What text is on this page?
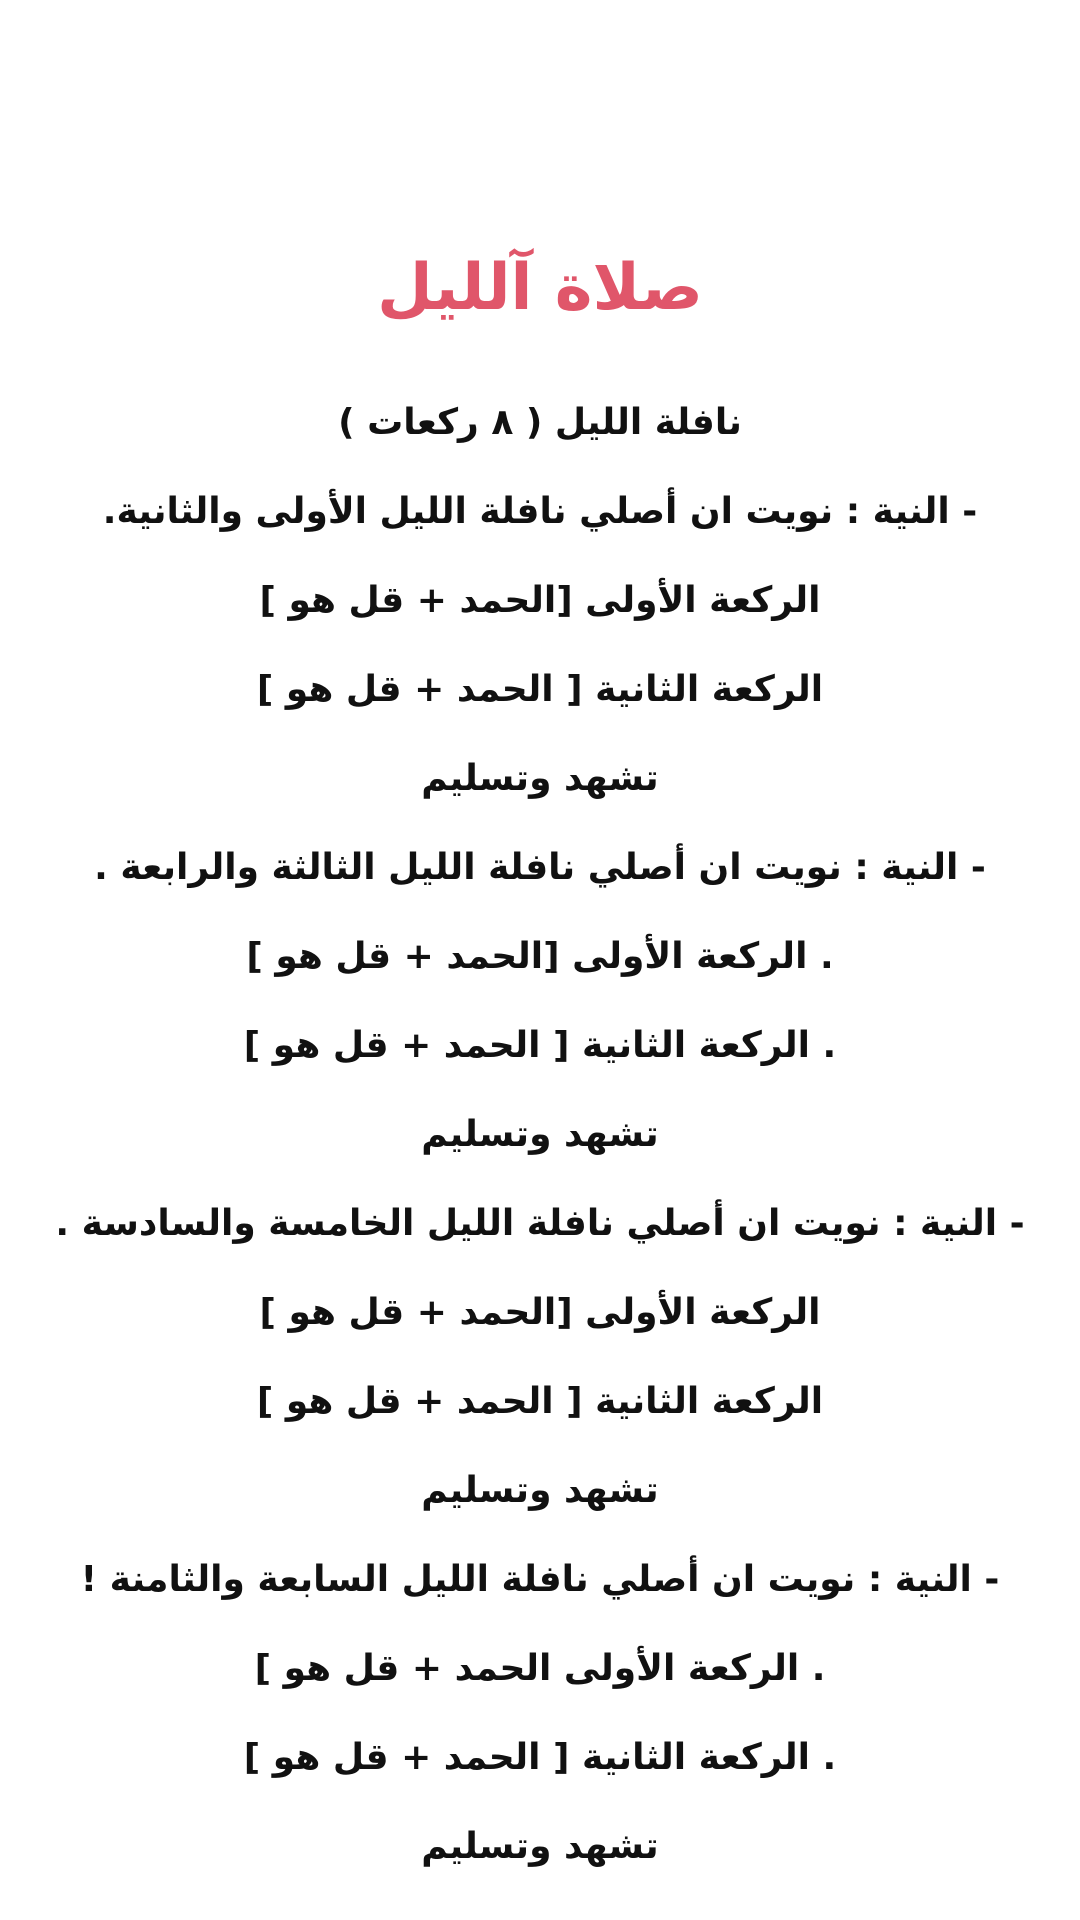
صلاة آلليل
نافلة الليل ( ٨ ركعات )
- النية : نويت ان أصلي نافلة الليل الأولى والثانية.
الركعة الأولى [الحمد + قل هو ]
الركعة الثانية [ الحمد + قل هو ]
تشهد وتسليم
- النية : نويت ان أصلي نافلة الليل الثالثة والرابعة .
. الركعة الأولى [الحمد + قل هو ]
. الركعة الثانية [ الحمد + قل هو ]
تشهد وتسليم
- النية : نويت ان أصلي نافلة الليل الخامسة والسادسة .
الركعة الأولى [الحمد + قل هو ]
الركعة الثانية [ الحمد + قل هو ]
تشهد وتسليم
- النية : نويت ان أصلي نافلة الليل السابعة والثامنة !
. الركعة الأولى الحمد + قل هو ]
. الركعة الثانية [ الحمد + قل هو ]
تشهد وتسليم
